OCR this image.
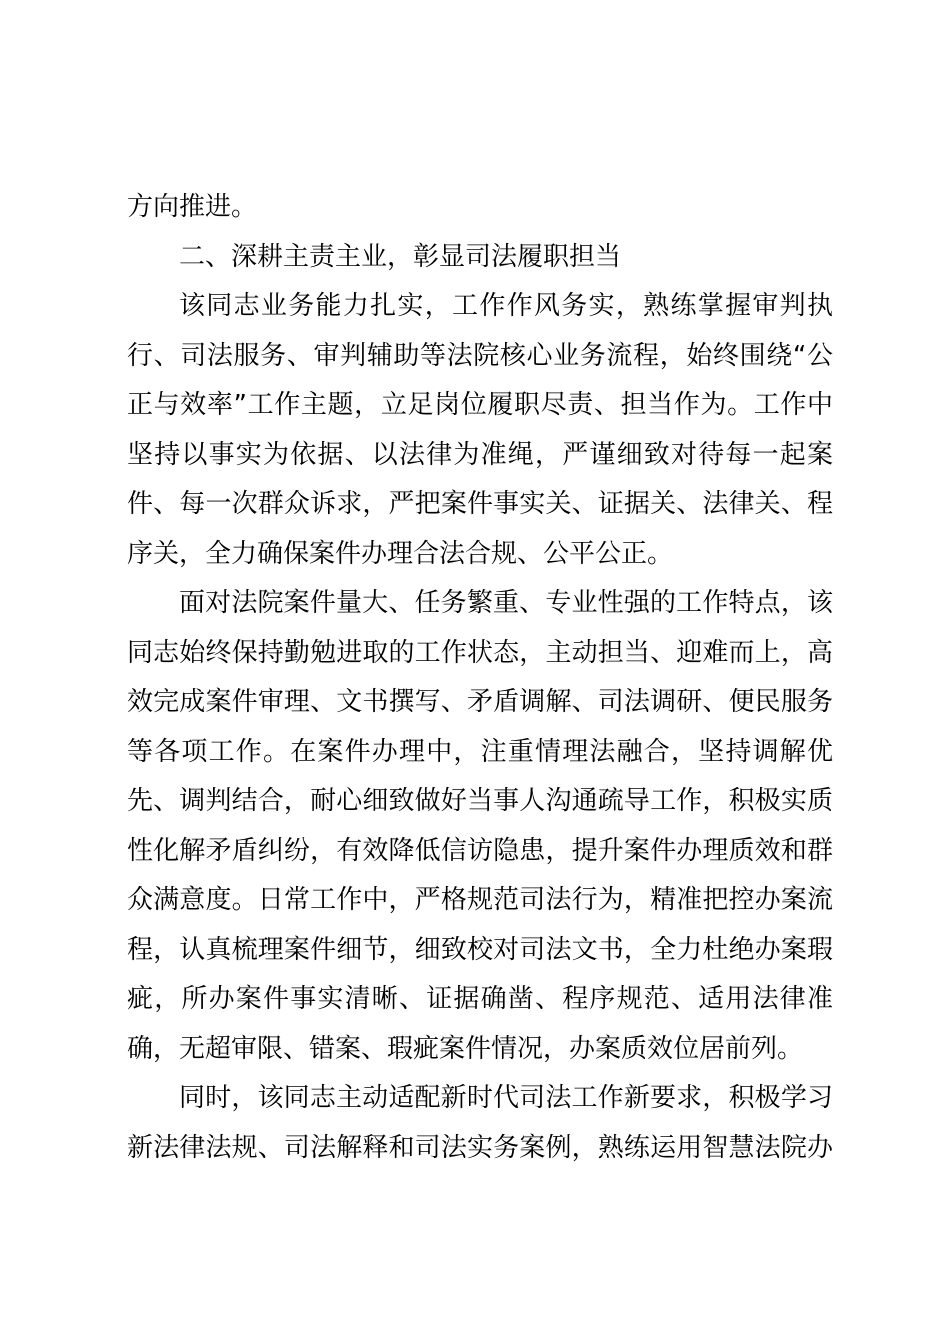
方向推进。
二、深耕主责主业，彰显司法履职担当
该同志业务能力扎实，工作作风务实，熟练掌握审判执
行、司法服务、审判辅助等法院核心业务流程，始终围绕“公
正与效率”工作主题，立足岗位履职尽责、担当作为。工作中
坚持以事实为依据、以法律为准绳，严谨细致对待每一起案
件、每一次群众诉求，严把案件事实关、证据关、法律关、程
序关，全力确保案件办理合法合规、公平公正。
面对法院案件量大、任务繁重、专业性强的工作特点，该
同志始终保持勤勉进取的工作状态，主动担当、迎难而上，高
效完成案件审理、文书撰写、矛盾调解、司法调研、便民服务
等各项工作。在案件办理中，注重情理法融合，坚持调解优
先、调判结合，耐心细致做好当事人沟通疏导工作，积极实质
性化解矛盾纠纷，有效降低信访隐患，提升案件办理质效和群
众满意度。日常工作中，严格规范司法行为，精准把控办案流
程，认真梳理案件细节，细致校对司法文书，全力杜绝办案瑕
疵，所办案件事实清晰、证据确凿、程序规范、适用法律准
确，无超审限、错案、瑕疵案件情况，办案质效位居前列。
同时，该同志主动适配新时代司法工作新要求，积极学习
新法律法规、司法解释和司法实务案例，熟练运用智慧法院办
